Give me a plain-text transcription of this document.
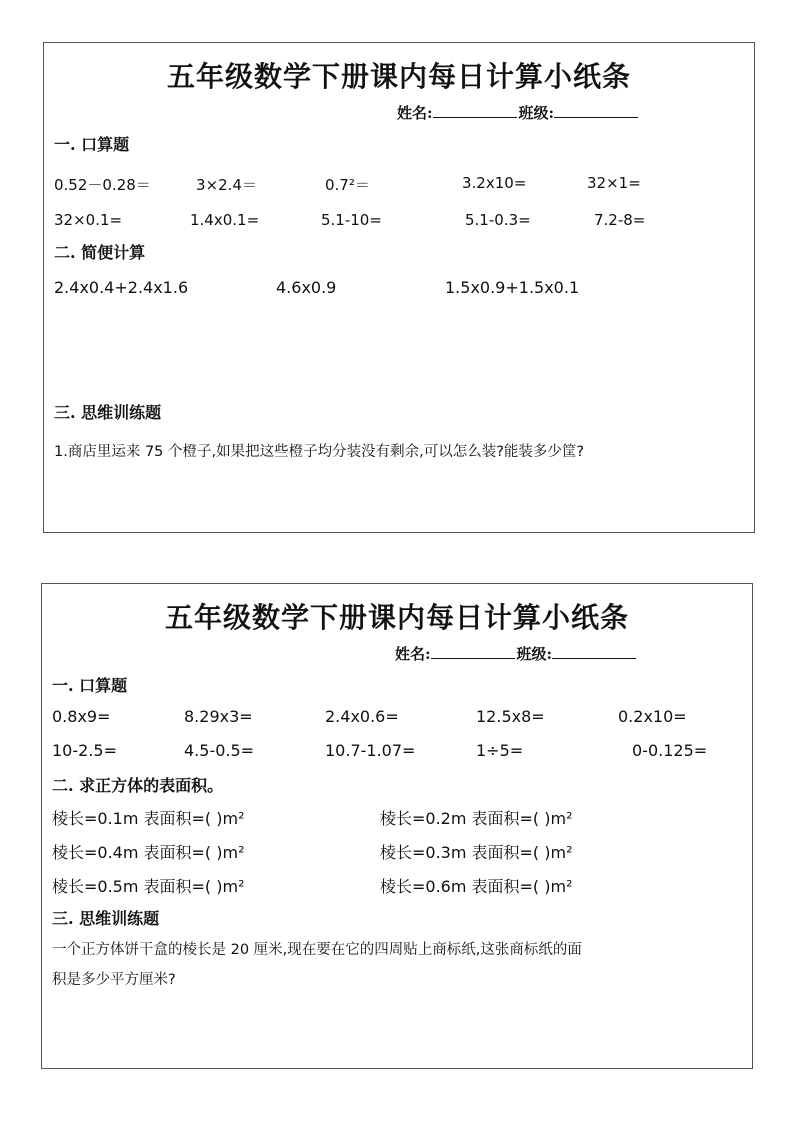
五年级数学下册课内每日计算小纸条
姓名:	班级:
一. 口算题
0.52－0.28＝	3×2.4＝	0.7²＝	3.2x10=	32×1=
32×0.1=	1.4x0.1=	5.1-10=	5.1-0.3=	7.2-8=
二. 简便计算
2.4x0.4+2.4x1.6	4.6x0.9	1.5x0.9+1.5x0.1
三. 思维训练题
1.商店里运来 75 个橙子,如果把这些橙子均分装没有剩余,可以怎么装?能装多少筐?
五年级数学下册课内每日计算小纸条
姓名:	班级:
一. 口算题
0.8x9=	8.29x3=	2.4x0.6=	12.5x8=	0.2x10=
10-2.5=	4.5-0.5=	10.7-1.07=	1÷5=	0-0.125=
二. 求正方体的表面积。
棱长=0.1m 表面积=( )m²	棱长=0.2m 表面积=( )m²
棱长=0.4m 表面积=( )m²	棱长=0.3m 表面积=( )m²
棱长=0.5m 表面积=( )m²	棱长=0.6m 表面积=( )m²
三. 思维训练题
一个正方体饼干盒的棱长是 20 厘米,现在要在它的四周贴上商标纸,这张商标纸的面
积是多少平方厘米?
